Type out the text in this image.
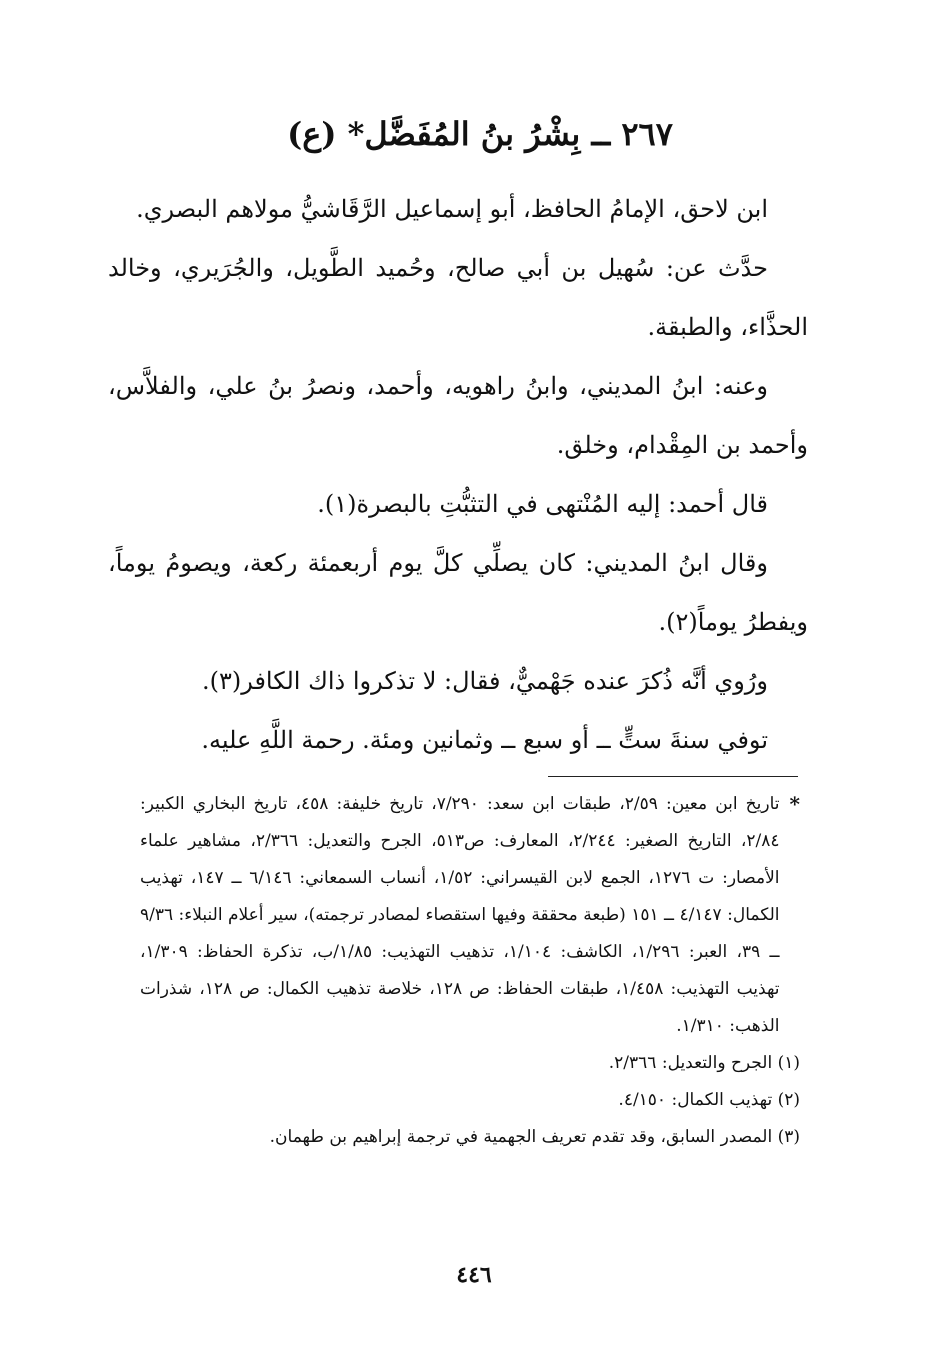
٢٦٧ ــ بِشْرُ بنُ المُفَضَّل* (ع)

ابن لاحق، الإمامُ الحافظ، أبو إسماعيل الرَّقَاشيُّ مولاهم البصري.

حدَّث عن: سُهيل بن أبي صالح، وحُميد الطَّويل، والجُرَيري، وخالد الحذَّاء، والطبقة.

وعنه: ابنُ المديني، وابنُ راهويه، وأحمد، ونصرُ بنُ علي، والفلاَّس، وأحمد بن المِقْدام، وخلق.

قال أحمد: إليه المُنْتهى في التثبُّتِ بالبصرة(١).

وقال ابنُ المديني: كان يصلِّي كلَّ يوم أربعمئة ركعة، ويصومُ يوماً، ويفطرُ يوماً(٢).

ورُوي أنَّه ذُكرَ عنده جَهْميٌّ، فقال: لا تذكروا ذاك الكافر(٣).

توفي سنةَ ستٍّ ــ أو سبع ــ وثمانين ومئة. رحمة اللَّهِ عليه.

*
تاريخ ابن معين: ٢/٥٩، طبقات ابن سعد: ٧/٢٩٠، تاريخ خليفة: ٤٥٨، تاريخ البخاري الكبير: ٢/٨٤، التاريخ الصغير: ٢/٢٤٤، المعارف: ص٥١٣، الجرح والتعديل: ٢/٣٦٦، مشاهير علماء الأمصار: ت ١٢٧٦، الجمع لابن القيسراني: ١/٥٢، أنساب السمعاني: ٦/١٤٦ ــ ١٤٧، تهذيب الكمال: ٤/١٤٧ ــ ١٥١ (طبعة محققة وفيها استقصاء لمصادر ترجمته)، سير أعلام النبلاء: ٩/٣٦ ــ ٣٩، العبر: ١/٢٩٦، الكاشف: ١/١٠٤، تذهيب التهذيب: ١/٨٥/ب، تذكرة الحفاظ: ١/٣٠٩، تهذيب التهذيب: ١/٤٥٨، طبقات الحفاظ: ص ١٢٨، خلاصة تذهيب الكمال: ص ١٢٨، شذرات الذهب: ١/٣١٠.

(١) الجرح والتعديل: ٢/٣٦٦.

(٢) تهذيب الكمال: ٤/١٥٠.

(٣) المصدر السابق، وقد تقدم تعريف الجهمية في ترجمة إبراهيم بن طهمان.

٤٤٦
